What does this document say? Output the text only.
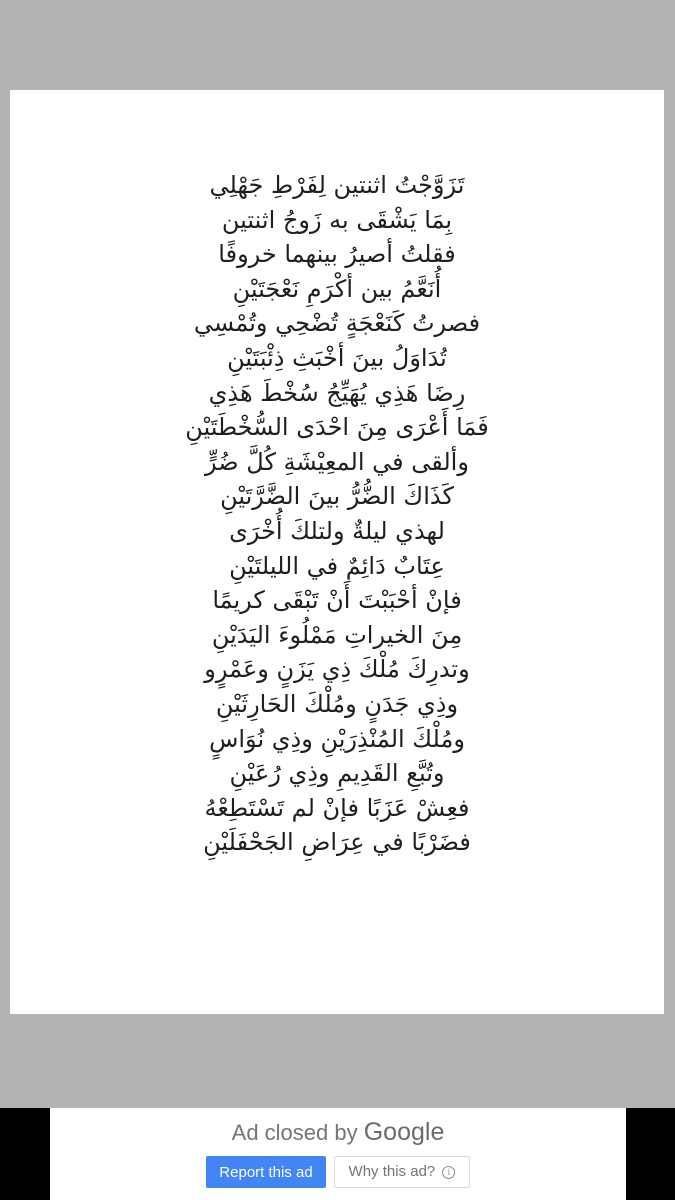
تَزَوَّجْتُ اثنتين لِفَرْطِ جَهْلِي
بِمَا يَشْقَى به زَوجُ اثنتين
فقلتُ أصيرُ بينهما خروفًا
أُنَعَّمُ بين أكْرَمِ نَعْجَتَيْنِ
فصرتُ كَنَعْجَةٍ تُضْحِي وتُمْسِي
تُدَاوَلُ بينَ أخْبَثِ ذِئْبَتَيْنِ
رِضَا هَذِي يُهَيِّجُ سُخْطَ هَذِي
فَمَا أَعْرَى مِنَ احْدَى السُّخْطَتَيْنِ
وألقى في المعِيْشَةِ كُلَّ ضُرٍّ
كَذَاكَ الضُّرُّ بينَ الضَّرَّتَيْنِ
لهذي ليلةٌ ولتلكَ أُخْرَى
عِتَابٌ دَائِمٌ في الليلتَيْنِ
فإنْ أحْبَبْتَ أَنْ تَبْقَى كريمًا
مِنَ الخيراتِ مَمْلُوءَ اليَدَيْنِ
وتدرِكَ مُلْكَ ذِي يَزَنٍ وعَمْرٍو
وذِي جَدَنٍ ومُلْكَ الحَارِثَيْنِ
ومُلْكَ المُنْذِرَيْنِ وذِي نُوَاسٍ
وتُبَّعِ القَدِيمِ وذِي رُعَيْنِ
فعِشْ عَزَبًا فإنْ لم تَسْتَطِعْهُ
فضَرْبًا في عِرَاضِ الجَحْفَلَيْنِ
Ad closed by Google
Report this ad	Why this ad? i
